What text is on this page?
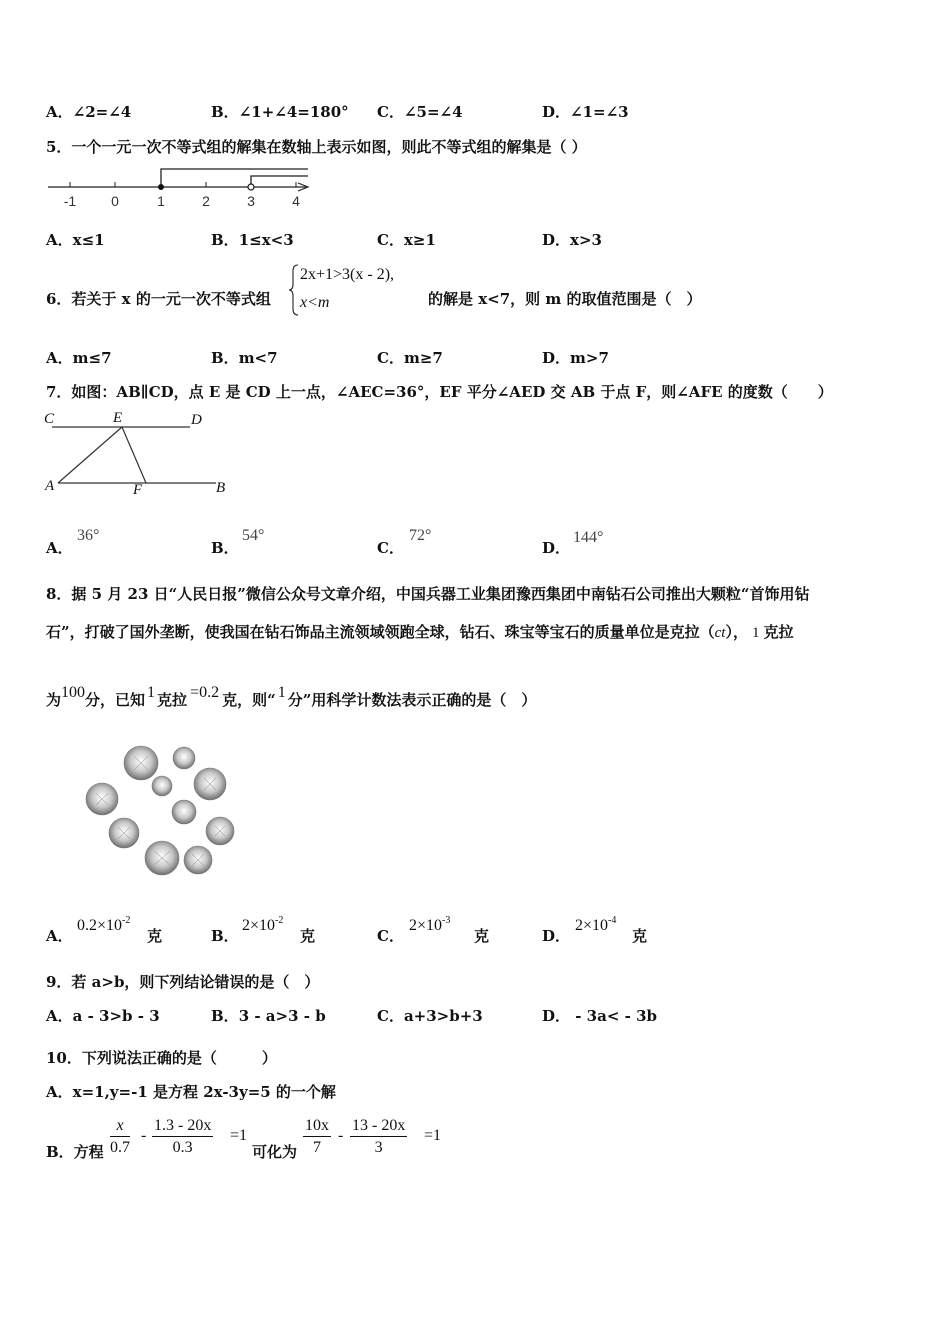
A．∠2=∠4	B．∠1+∠4=180° C．∠5=∠4	D．∠1=∠3
5．一个一元一次不等式组的解集在数轴上表示如图，则此不等式组的解集是（ ）
-1 0	1	2	3	4
A．x≤1	B．1≤x<3	C．x≥1	D．x>3
6．若关于 x 的一元一次不等式组
2x+1>3(x - 2),
x<m	的解是 x<7，则 m 的取值范围是（　）
A．m≤7	B．m<7	C．m≥7	D．m>7
7．如图：AB∥CD，点 E 是 CD 上一点，∠AEC=36°，EF 平分∠AED 交 AB 于点 F，则∠AFE 的度数（　　）
C	E	D
A	F	B
A．
36°
B．
54°
C．
72°
D．
144°
8．据 5 月 23 日“人民日报”微信公众号文章介绍，中国兵器工业集团豫西集团中南钻石公司推出大颗粒“首饰用钻
石”，打破了国外垄断，使我国在钻石饰品主流领域领跑全球，钻石、珠宝等宝石的质量单位是克拉（ct）， 1 克拉
为100分，已知 1 克拉 =0.2 克，则“ 1 分”用科学计数法表示正确的是（　）
A．
$0.2\times 10^{-2}$
克	B．
$2\times 10^{-2}$
克	C．
$2\times 10^{-3}$
克	D．
$2\times 10^{-4}$
克
9．若 a>b，则下列结论错误的是（　）
A．a - 3>b - 3	B．3 - a>3 - b	C．a+3>b+3	D． - 3a< - 3b
10．下列说法正确的是（　　　）
A．x=1,y=-1 是方程 2x-3y=5 的一个解
B．方程 $\frac{x}{0.7} - \frac{1.3 - 20x}{0.3} =1$
可化为 $\frac{10x}{7} - \frac{13 - 20x}{3} =1$
